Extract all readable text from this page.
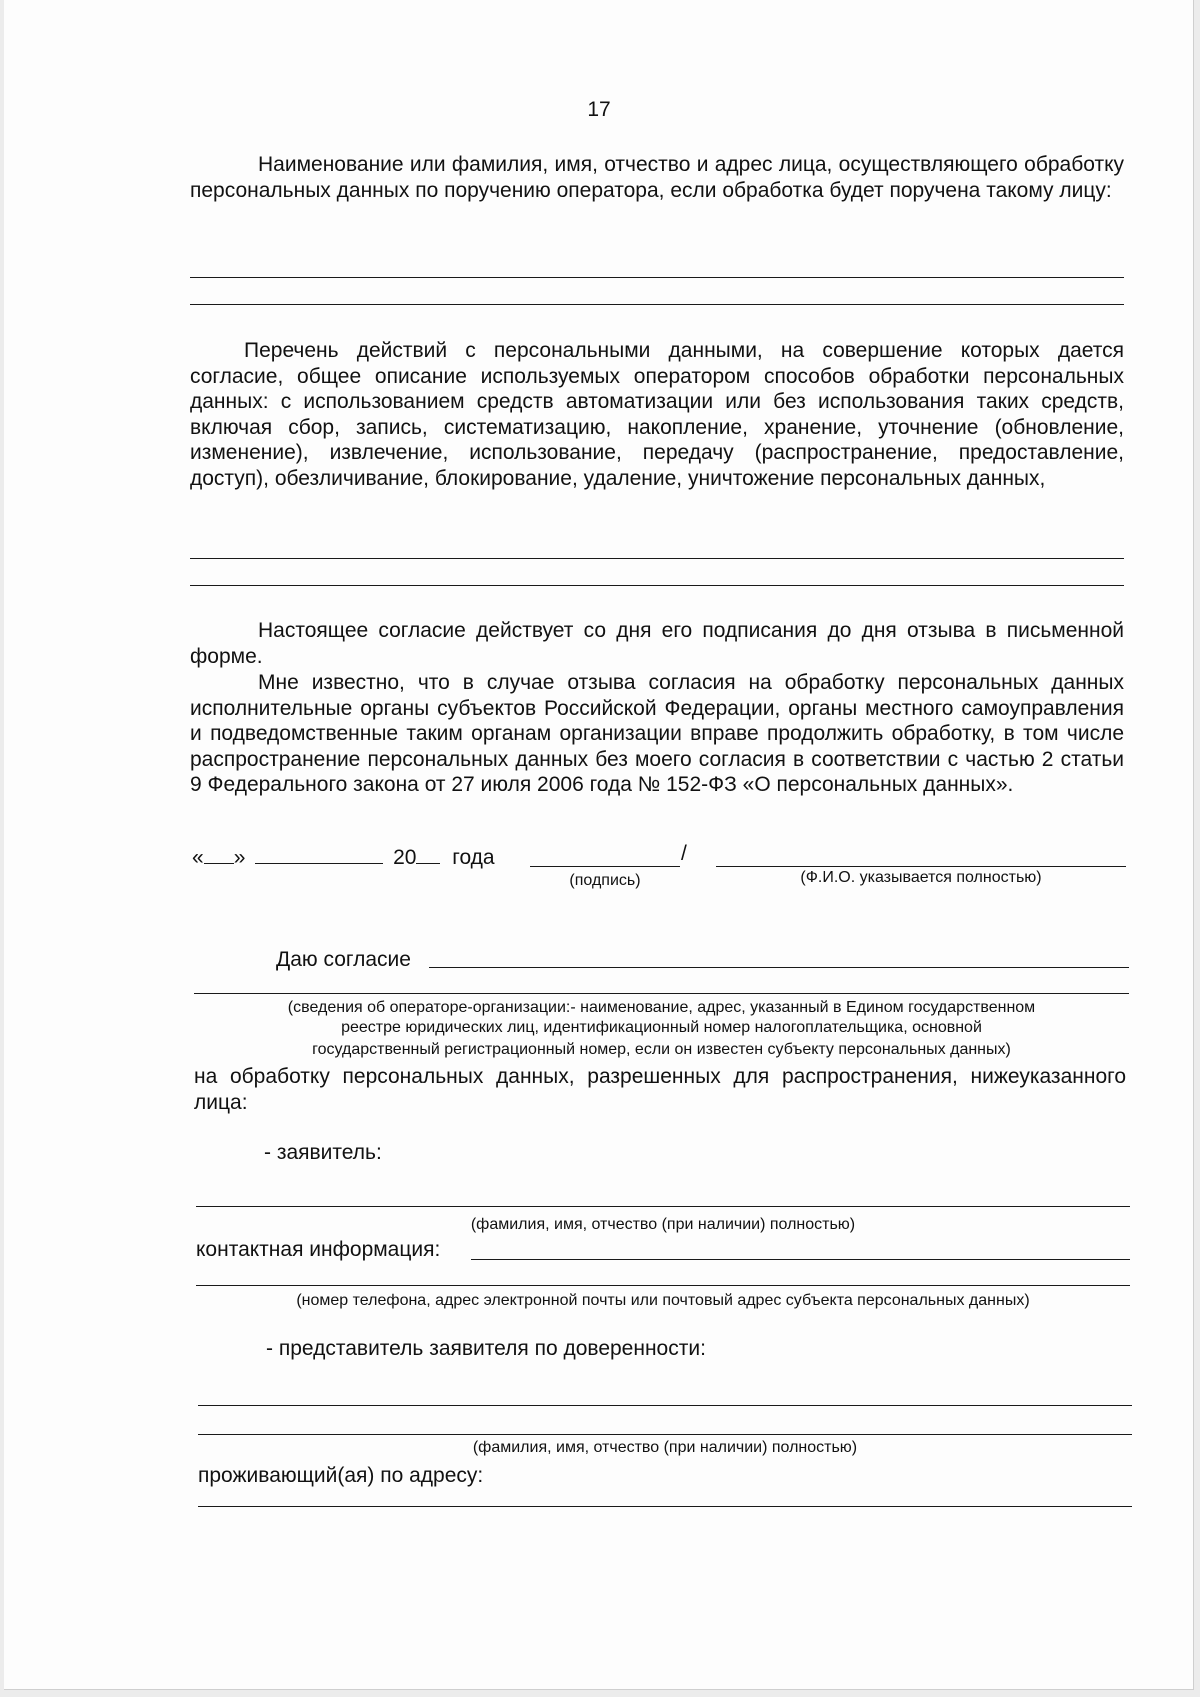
17

Наименование или фамилия, имя, отчество и адрес лица, осуществляющего обработку персональных данных по поручению оператора, если обработка будет поручена такому лицу:

Перечень действий с персональными данными, на совершение которых дается согласие, общее описание используемых оператором способов обработки персональных данных: с использованием средств автоматизации или без использования таких средств, включая сбор, запись, систематизацию, накопление, хранение, уточнение (обновление, изменение), извлечение, использование, передачу (распространение, предоставление, доступ), обезличивание, блокирование, удаление, уничтожение персональных данных,

Настоящее согласие действует со дня его подписания до дня отзыва в письменной форме.

Мне известно, что в случае отзыва согласия на обработку персональных данных исполнительные органы субъектов Российской Федерации, органы местного самоуправления и подведомственные таким органам организации вправе продолжить обработку, в том числе распространение персональных данных без моего согласия в соответствии с частью 2 статьи 9 Федерального закона от 27 июля 2006 года № 152-ФЗ «О персональных данных».

« »	20 года	/
(подпись)	(Ф.И.О. указывается полностью)
Даю согласие
(сведения об операторе-организации:- наименование, адрес, указанный в Едином государственном
реестре юридических лиц, идентификационный номер налогоплательщика, основной
государственный регистрационный номер, если он известен субъекту персональных данных)

на обработку персональных данных, разрешенных для распространения, нижеуказанного лица:

- заявитель:
(фамилия, имя, отчество (при наличии) полностью)
контактная информация:
(номер телефона, адрес электронной почты или почтовый адрес субъекта персональных данных)
- представитель заявителя по доверенности:
(фамилия, имя, отчество (при наличии) полностью)
проживающий(ая) по адресу:
